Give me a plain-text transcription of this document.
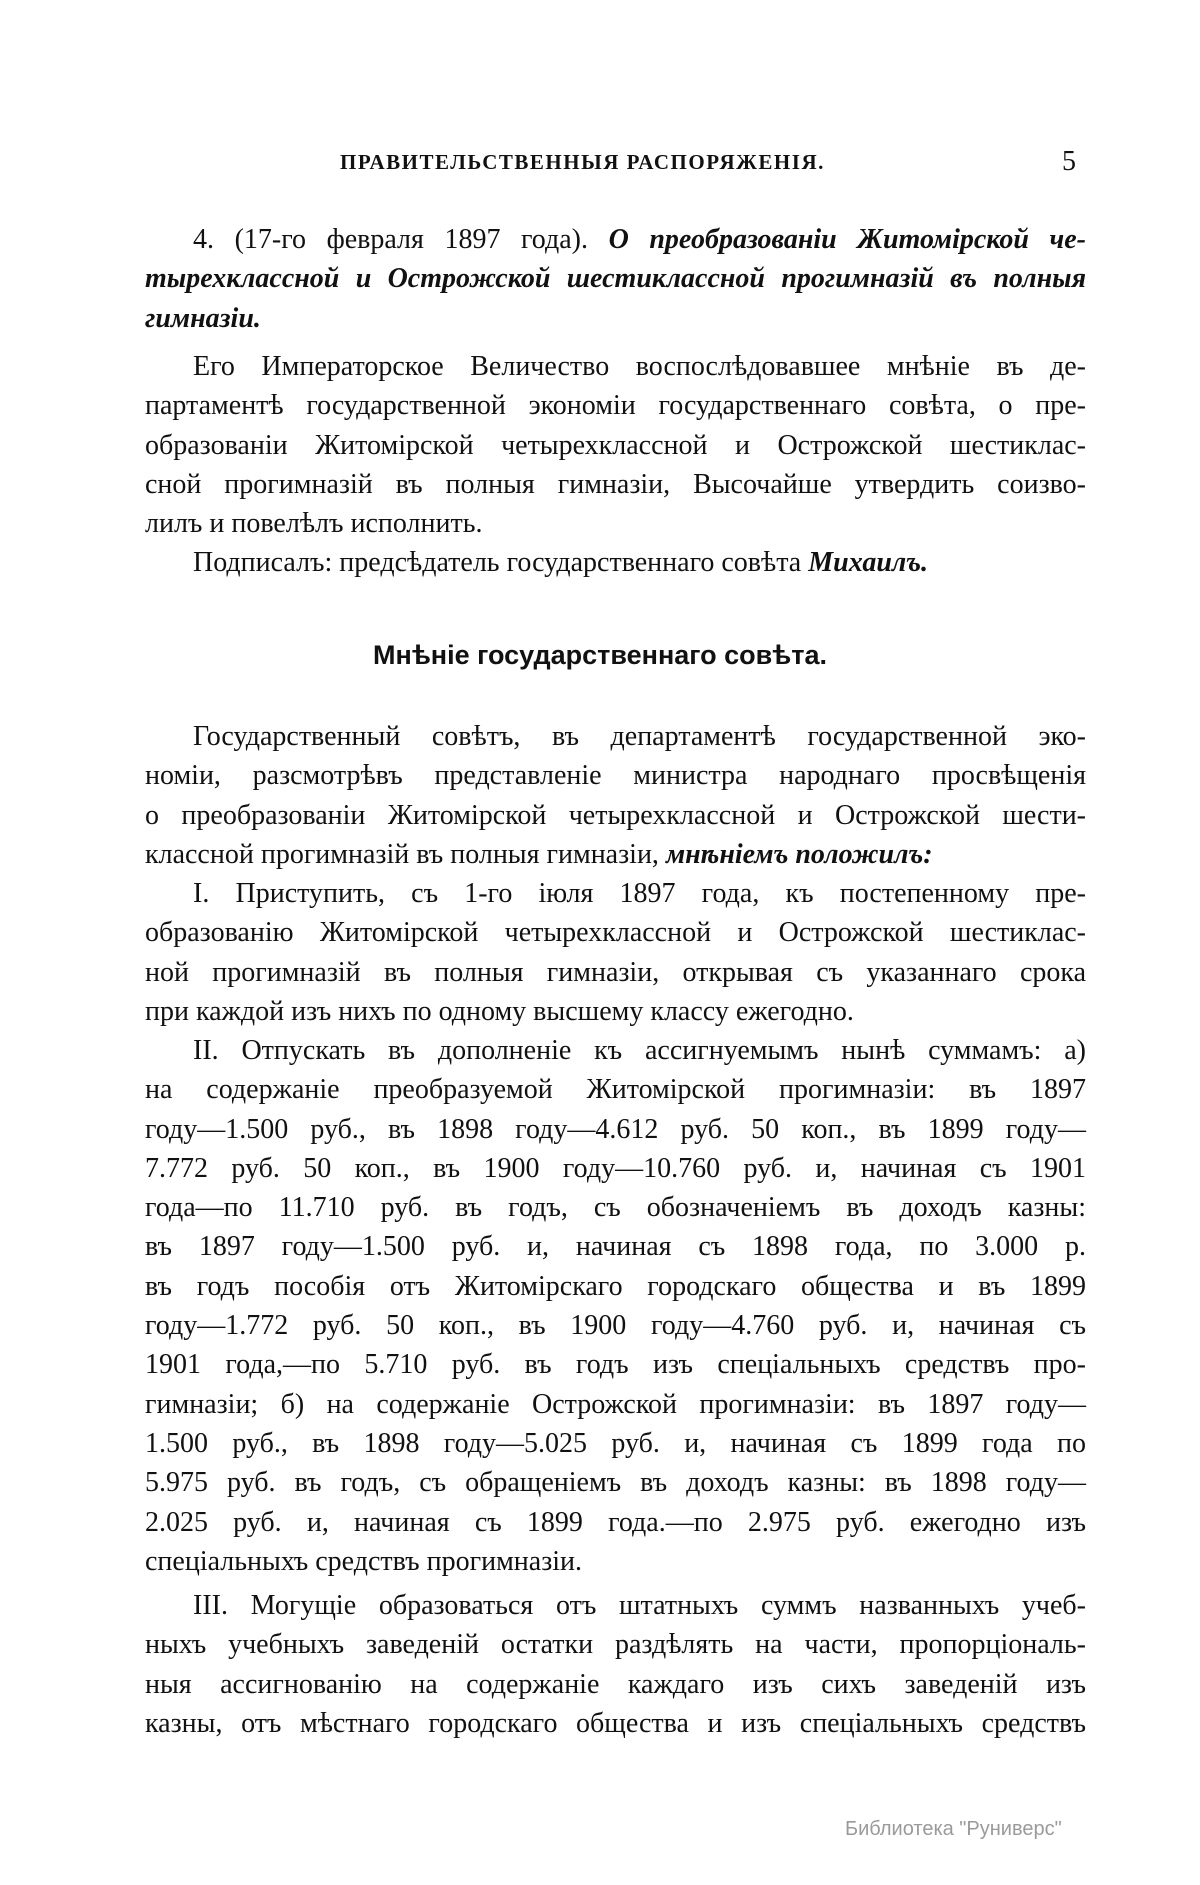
ПРАВИТЕЛЬСТВЕННЫЯ РАСПОРЯЖЕНІЯ.	5
4. (17-го февраля 1897 года). О преобразованіи Житомірской че-
тырехклассной и Острожской шестиклассной прогимназій въ полныя
гимназіи.
Его Императорское Величество воспослѣдовавшее мнѣніе въ де-
партаментѣ государственной экономіи государственнаго совѣта, о пре-
образованіи Житомірской четырехклассной и Острожской шестиклас-
сной прогимназій въ полныя гимназіи, Высочайше утвердить соизво-
лилъ и повелѣлъ исполнить.
Подписалъ: предсѣдатель государственнаго совѣта Михаилъ.
Мнѣніе государственнаго совѣта.
Государственный совѣтъ, въ департаментѣ государственной эко-
номіи, разсмотрѣвъ представленіе министра народнаго просвѣщенія
о преобразованіи Житомірской четырехклассной и Острожской шести-
классной прогимназій въ полныя гимназіи, мнѣніемъ положилъ:
I. Приступить, съ 1-го іюля 1897 года, къ постепенному пре-
образованію Житомірской четырехклассной и Острожской шестиклас-
ной прогимназій въ полныя гимназіи, открывая съ указаннаго срока
при каждой изъ нихъ по одному высшему классу ежегодно.
II. Отпускать въ дополненіе къ ассигнуемымъ нынѣ суммамъ: а)
на содержаніе преобразуемой Житомірской прогимназіи: въ 1897
году—1.500 руб., въ 1898 году—4.612 руб. 50 коп., въ 1899 году—
7.772 руб. 50 коп., въ 1900 году—10.760 руб. и, начиная съ 1901
года—по 11.710 руб. въ годъ, съ обозначеніемъ въ доходъ казны:
въ 1897 году—1.500 руб. и, начиная съ 1898 года, по 3.000 р.
въ годъ пособія отъ Житомірскаго городскаго общества и въ 1899
году—1.772 руб. 50 коп., въ 1900 году—4.760 руб. и, начиная съ
1901 года,—по 5.710 руб. въ годъ изъ спеціальныхъ средствъ про-
гимназіи; б) на содержаніе Острожской прогимназіи: въ 1897 году—
1.500 руб., въ 1898 году—5.025 руб. и, начиная съ 1899 года по
5.975 руб. въ годъ, съ обращеніемъ въ доходъ казны: въ 1898 году—
2.025 руб. и, начиная съ 1899 года.—по 2.975 руб. ежегодно изъ
спеціальныхъ средствъ прогимназіи.
III. Могущіе образоваться отъ штатныхъ суммъ названныхъ учеб-
ныхъ учебныхъ заведеній остатки раздѣлять на части, пропорціональ-
ныя ассигнованію на содержаніе каждаго изъ сихъ заведеній изъ
казны, отъ мѣстнаго городскаго общества и изъ спеціальныхъ средствъ
Библиотека "Руниверс"
